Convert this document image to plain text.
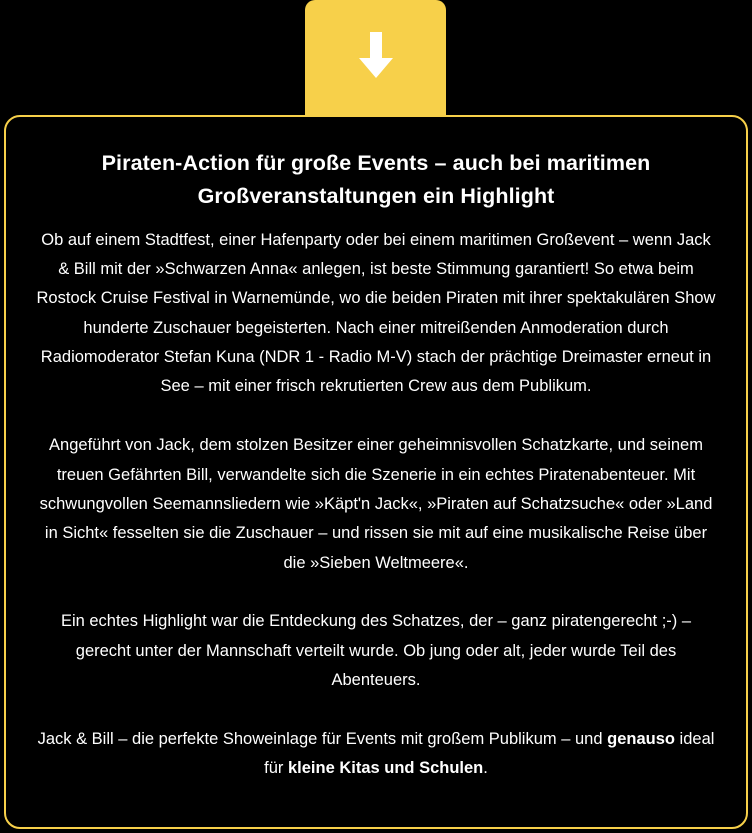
Piraten-Action für große Events – auch bei maritimen Großveranstaltungen ein Highlight

Ob auf einem Stadtfest, einer Hafenparty oder bei einem maritimen Großevent – wenn Jack & Bill mit der »Schwarzen Anna« anlegen, ist beste Stimmung garantiert! So etwa beim Rostock Cruise Festival in Warnemünde, wo die beiden Piraten mit ihrer spektakulären Show hunderte Zuschauer begeisterten. Nach einer mitreißenden Anmoderation durch Radiomoderator Stefan Kuna (NDR 1 - Radio M-V) stach der prächtige Dreimaster erneut in See – mit einer frisch rekrutierten Crew aus dem Publikum.

Angeführt von Jack, dem stolzen Besitzer einer geheimnisvollen Schatzkarte, und seinem treuen Gefährten Bill, verwandelte sich die Szenerie in ein echtes Piratenabenteuer. Mit schwungvollen Seemannsliedern wie »Käpt'n Jack«, »Piraten auf Schatzsuche« oder »Land in Sicht« fesselten sie die Zuschauer – und rissen sie mit auf eine musikalische Reise über die »Sieben Weltmeere«.

Ein echtes Highlight war die Entdeckung des Schatzes, der – ganz piratengerecht ;-) – gerecht unter der Mannschaft verteilt wurde. Ob jung oder alt, jeder wurde Teil des Abenteuers.

Jack & Bill – die perfekte Showeinlage für Events mit großem Publikum – und genauso ideal für kleine Kitas und Schulen.
